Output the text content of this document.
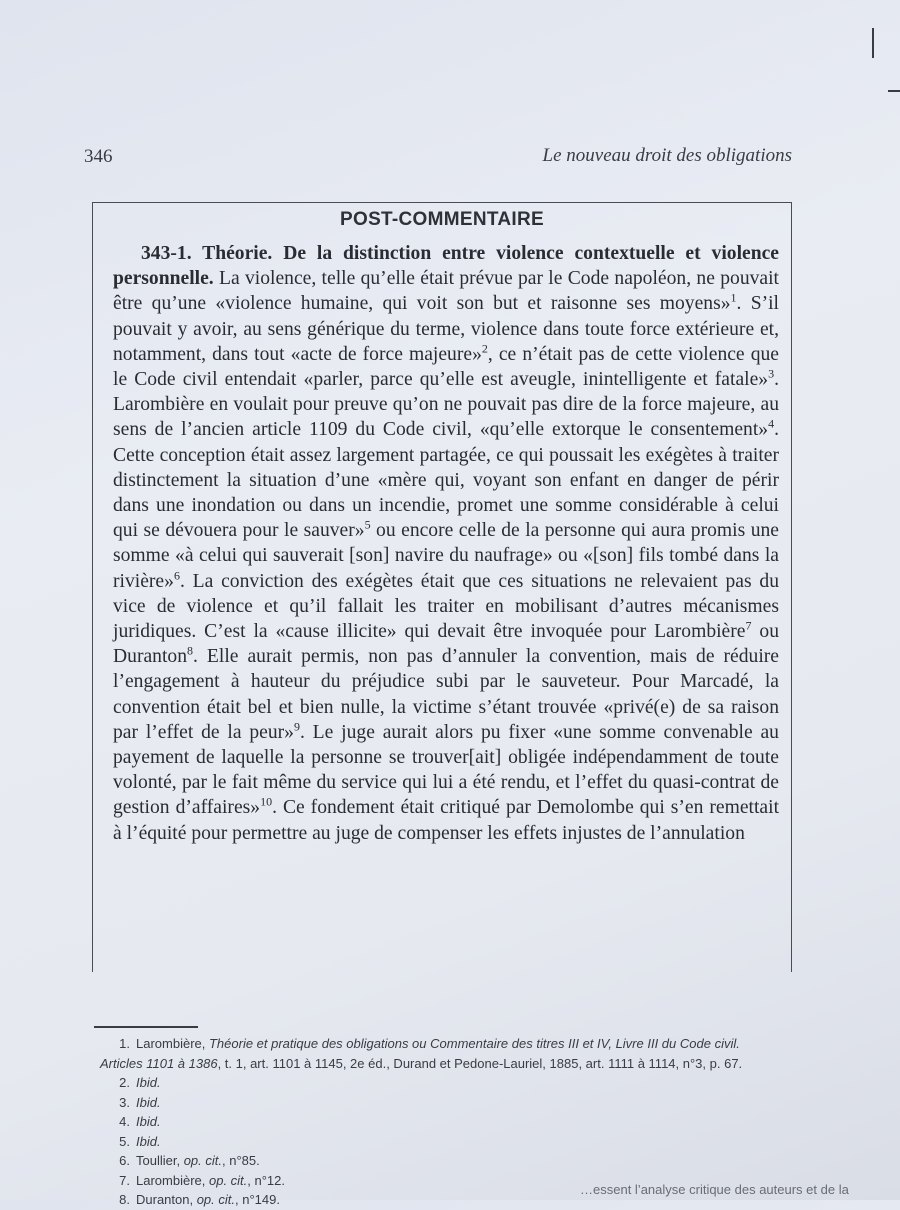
346	Le nouveau droit des obligations
POST-COMMENTAIRE
343-1. Théorie. De la distinction entre violence contextuelle et violence personnelle. La violence, telle qu’elle était prévue par le Code napoléon, ne pouvait être qu’une «violence humaine, qui voit son but et raisonne ses moyens»$^1$. S’il pouvait y avoir, au sens générique du terme, violence dans toute force extérieure et, notamment, dans tout «acte de force majeure»$^2$, ce n’était pas de cette violence que le Code civil entendait «parler, parce qu’elle est aveugle, inintelligente et fatale»$^3$. Larombière en voulait pour preuve qu’on ne pouvait pas dire de la force majeure, au sens de l’ancien article 1109 du Code civil, «qu’elle extorque le consentement»$^4$. Cette conception était assez largement partagée, ce qui poussait les exégètes à traiter distinctement la situation d’une «mère qui, voyant son enfant en danger de périr dans une inondation ou dans un incendie, promet une somme considérable à celui qui se dévouera pour le sauver»$^5$ ou encore celle de la personne qui aura promis une somme «à celui qui sauverait [son] navire du naufrage» ou «[son] fils tombé dans la rivière»$^6$. La conviction des exégètes était que ces situations ne relevaient pas du vice de violence et qu’il fallait les traiter en mobilisant d’autres mécanismes juridiques. C’est la «cause illicite» qui devait être invoquée pour Larombière$^7$ ou Duranton$^8$. Elle aurait permis, non pas d’annuler la convention, mais de réduire l’engagement à hauteur du préjudice subi par le sauveteur. Pour Marcadé, la convention était bel et bien nulle, la victime s’étant trouvée «privé(e) de sa raison par l’effet de la peur»$^9$. Le juge aurait alors pu fixer «une somme convenable au payement de laquelle la personne se trouver[ait] obligée indépendamment de toute volonté, par le fait même du service qui lui a été rendu, et l’effet du quasi-contrat de gestion d’affaires»$^{10}$. Ce fondement était critiqué par Demolombe qui s’en remettait à l’équité pour permettre au juge de compenser les effets injustes de l’annulation
1. Larombière, Théorie et pratique des obligations ou Commentaire des titres III et IV, Livre III du Code civil.
Articles 1101 à 1386, t. 1, art. 1101 à 1145, 2e éd., Durand et Pedone-Lauriel, 1885, art. 1111 à 1114, n°3, p. 67.
2. Ibid.
3. Ibid.
4. Ibid.
5. Ibid.
6. Toullier, op. cit., n°85.
7. Larombière, op. cit., n°12.
8. Duranton, op. cit., n°149.
…essent l’analyse critique des auteurs et de la
